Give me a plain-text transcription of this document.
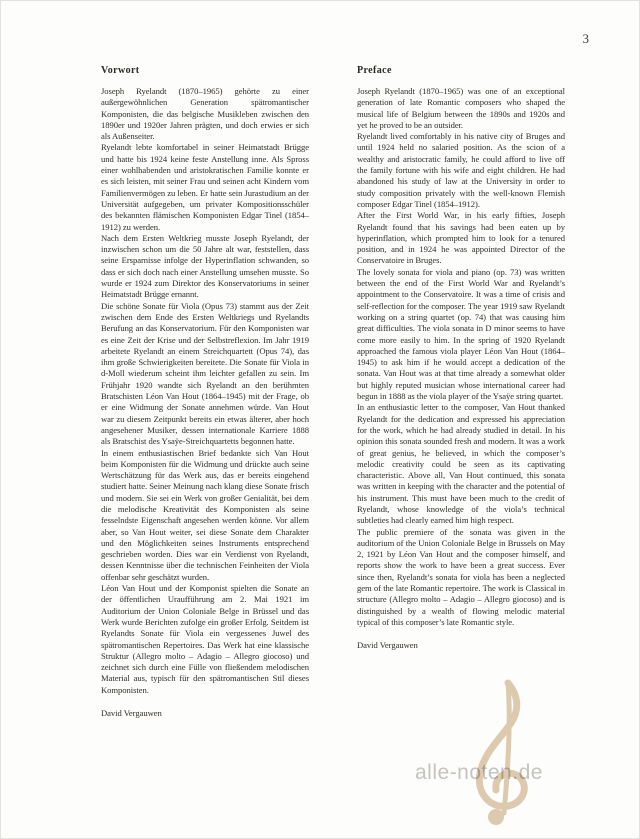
3
Vorwort

Joseph Ryelandt (1870–1965) gehörte zu einer außergewöhnlichen Generation spätromantischer Komponisten, die das belgische Musikleben zwischen den 1890er und 1920er Jahren prägten, und doch erwies er sich als Außenseiter.

Ryelandt lebte komfortabel in seiner Heimatstadt Brügge und hatte bis 1924 keine feste Anstellung inne. Als Spross einer wohlhabenden und aristokratischen Familie konnte er es sich leisten, mit seiner Frau und seinen acht Kindern vom Familienvermögen zu leben. Er hatte sein Jurastudium an der Universität aufgegeben, um privater Kompositionsschüler des bekannten flämischen Komponisten Edgar Tinel (1854–1912) zu werden.

Nach dem Ersten Weltkrieg musste Joseph Ryelandt, der inzwischen schon um die 50 Jahre alt war, feststellen, dass seine Ersparnisse infolge der Hyperinflation schwanden, so dass er sich doch nach einer Anstellung umsehen musste. So wurde er 1924 zum Direktor des Konservatoriums in seiner Heimatstadt Brügge ernannt.

Die schöne Sonate für Viola (Opus 73) stammt aus der Zeit zwischen dem Ende des Ersten Weltkriegs und Ryelandts Berufung an das Konservatorium. Für den Komponisten war es eine Zeit der Krise und der Selbstreflexion. Im Jahr 1919 arbeitete Ryelandt an einem Streichquartett (Opus 74), das ihm große Schwierigkeiten bereitete. Die Sonate für Viola in d-Moll wiederum scheint ihm leichter gefallen zu sein. Im Frühjahr 1920 wandte sich Ryelandt an den berühmten Bratschisten Léon Van Hout (1864–1945) mit der Frage, ob er eine Widmung der Sonate annehmen würde. Van Hout war zu diesem Zeitpunkt bereits ein etwas älterer, aber hoch angesehener Musiker, dessen internationale Karriere 1888 als Bratschist des Ysaÿe-Streichquartetts begonnen hatte.

In einem enthusiastischen Brief bedankte sich Van Hout beim Komponisten für die Widmung und drückte auch seine Wertschätzung für das Werk aus, das er bereits eingehend studiert hatte. Seiner Meinung nach klang diese Sonate frisch und modern. Sie sei ein Werk von großer Genialität, bei dem die melodische Kreativität des Komponisten als seine fesselndste Eigenschaft angesehen werden könne. Vor allem aber, so Van Hout weiter, sei diese Sonate dem Charakter und den Möglichkeiten seines Instruments entsprechend geschrieben worden. Dies war ein Verdienst von Ryelandt, dessen Kenntnisse über die technischen Feinheiten der Viola offenbar sehr geschätzt wurden.

Léon Van Hout und der Komponist spielten die Sonate an der öffentlichen Uraufführung am 2. Mai 1921 im Auditorium der Union Coloniale Belge in Brüssel und das Werk wurde Berichten zufolge ein großer Erfolg. Seitdem ist Ryelandts Sonate für Viola ein vergessenes Juwel des spätromantischen Repertoires. Das Werk hat eine klassische Struktur (Allegro molto – Adagio – Allegro giocoso) und zeichnet sich durch eine Fülle von fließendem melodischen Material aus, typisch für den spätromantischen Stil dieses Komponisten.

David Vergauwen

Preface

Joseph Ryelandt (1870–1965) was one of an exceptional generation of late Romantic composers who shaped the musical life of Belgium between the 1890s and 1920s and yet he proved to be an outsider.

Ryelandt lived comfortably in his native city of Bruges and until 1924 held no salaried position. As the scion of a wealthy and aristocratic family, he could afford to live off the family fortune with his wife and eight children. He had abandoned his study of law at the University in order to study composition privately with the well-known Flemish composer Edgar Tinel (1854–1912).

After the First World War, in his early fifties, Joseph Ryelandt found that his savings had been eaten up by hyperinflation, which prompted him to look for a tenured position, and in 1924 he was appointed Director of the Conservatoire in Bruges.

The lovely sonata for viola and piano (op. 73) was written between the end of the First World War and Ryelandt’s appointment to the Conservatoire. It was a time of crisis and self-reflection for the composer. The year 1919 saw Ryelandt working on a string quartet (op. 74) that was causing him great difficulties. The viola sonata in D minor seems to have come more easily to him. In the spring of 1920 Ryelandt approached the famous viola player Léon Van Hout (1864–1945) to ask him if he would accept a dedication of the sonata. Van Hout was at that time already a somewhat older but highly reputed musician whose international career had begun in 1888 as the viola player of the Ysaÿe string quartet.

In an enthusiastic letter to the composer, Van Hout thanked Ryelandt for the dedication and expressed his appreciation for the work, which he had already studied in detail. In his opinion this sonata sounded fresh and modern. It was a work of great genius, he believed, in which the composer’s melodic creativity could be seen as its captivating characteristic. Above all, Van Hout continued, this sonata was written in keeping with the character and the potential of his instrument. This must have been much to the credit of Ryelandt, whose knowledge of the viola’s technical subtleties had clearly earned him high respect.

The public premiere of the sonata was given in the auditorium of the Union Coloniale Belge in Brussels on May 2, 1921 by Léon Van Hout and the composer himself, and reports show the work to have been a great success. Ever since then, Ryelandt’s sonata for viola has been a neglected gem of the late Romantic repertoire. The work is Classical in structure (Allegro molto – Adagio – Allegro giocoso) and is distinguished by a wealth of flowing melodic material typical of this composer’s late Romantic style.

David Vergauwen

alle-noten.de
